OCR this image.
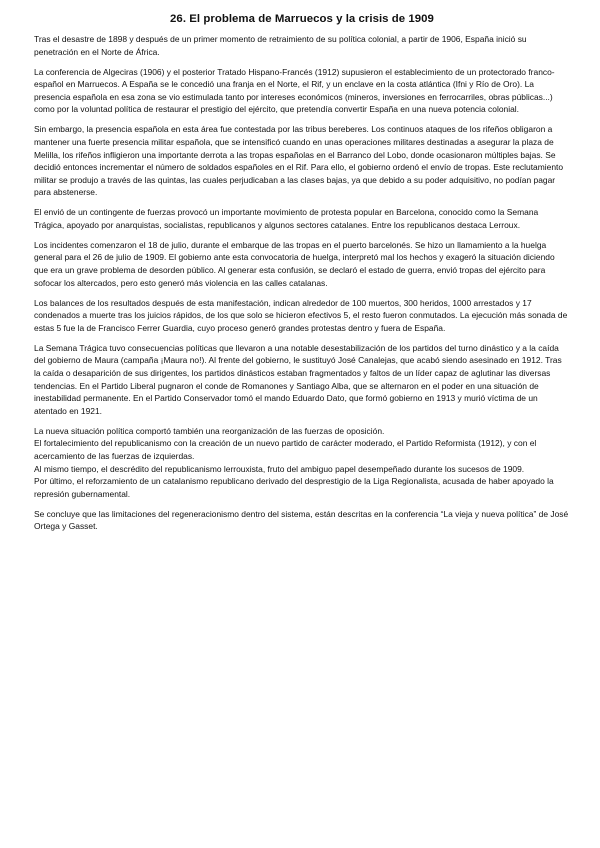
26. El problema de Marruecos y la crisis de 1909

Tras el desastre de 1898 y después de un primer momento de retraimiento de su política colonial, a partir de 1906, España inició su penetración en el Norte de África.

La conferencia de Algeciras (1906) y el posterior Tratado Hispano-Francés (1912) supusieron el establecimiento de un protectorado franco-español en Marruecos. A España se le concedió una franja en el Norte, el Rif, y un enclave en la costa atlántica (Ifni y Río de Oro). La presencia española en esa zona se vio estimulada tanto por intereses económicos (mineros, inversiones en ferrocarriles, obras públicas...) como por la voluntad política de restaurar el prestigio del ejército, que pretendía convertir España en una nueva potencia colonial.

Sin embargo, la presencia española en esta área fue contestada por las tribus bereberes. Los continuos ataques de los rifeños obligaron a mantener una fuerte presencia militar española, que se intensificó cuando en unas operaciones militares destinadas a asegurar la plaza de Melilla, los rifeños infligieron una importante derrota a las tropas españolas en el Barranco del Lobo, donde ocasionaron múltiples bajas. Se decidió entonces incrementar el número de soldados españoles en el Rif. Para ello, el gobierno ordenó el envío de tropas. Este reclutamiento militar se produjo a través de las quintas, las cuales perjudicaban a las clases bajas, ya que debido a su poder adquisitivo, no podían pagar para abstenerse.

El envió de un contingente de fuerzas provocó un importante movimiento de protesta popular en Barcelona, conocido como la Semana Trágica, apoyado por anarquistas, socialistas, republicanos y algunos sectores catalanes. Entre los republicanos destaca Lerroux.

Los incidentes comenzaron el 18 de julio, durante el embarque de las tropas en el puerto barcelonés. Se hizo un llamamiento a la huelga general para el 26 de julio de 1909. El gobierno ante esta convocatoria de huelga, interpretó mal los hechos y exageró la situación diciendo que era un grave problema de desorden público. Al generar esta confusión, se declaró el estado de guerra, envió tropas del ejército para sofocar los altercados, pero esto generó más violencia en las calles catalanas.

Los balances de los resultados después de esta manifestación, indican alrededor de 100 muertos, 300 heridos, 1000 arrestados y 17 condenados a muerte tras los juicios rápidos, de los que solo se hicieron efectivos 5, el resto fueron conmutados. La ejecución más sonada de estas 5 fue la de Francisco Ferrer Guardia, cuyo proceso generó grandes protestas dentro y fuera de España.

La Semana Trágica tuvo consecuencias políticas que llevaron a una notable desestabilización de los partidos del turno dinástico y a la caída del gobierno de Maura (campaña ¡Maura no!). Al frente del gobierno, le sustituyó José Canalejas, que acabó siendo asesinado en 1912. Tras la caída o desaparición de sus dirigentes, los partidos dinásticos estaban fragmentados y faltos de un líder capaz de aglutinar las diversas tendencias. En el Partido Liberal pugnaron el conde de Romanones y Santiago Alba, que se alternaron en el poder en una situación de inestabilidad permanente. En el Partido Conservador tomó el mando Eduardo Dato, que formó gobierno en 1913 y murió víctima de un atentado en 1921.

La nueva situación política comportó también una reorganización de las fuerzas de oposición.

El fortalecimiento del republicanismo con la creación de un nuevo partido de carácter moderado, el Partido Reformista (1912), y con el acercamiento de las fuerzas de izquierdas.

Al mismo tiempo, el descrédito del republicanismo lerrouxista, fruto del ambiguo papel desempeñado durante los sucesos de 1909.

Por último, el reforzamiento de un catalanismo republicano derivado del desprestigio de la Liga Regionalista, acusada de haber apoyado la represión gubernamental.

Se concluye que las limitaciones del regeneracionismo dentro del sistema, están descritas en la conferencia “La vieja y nueva política” de José Ortega y Gasset.
